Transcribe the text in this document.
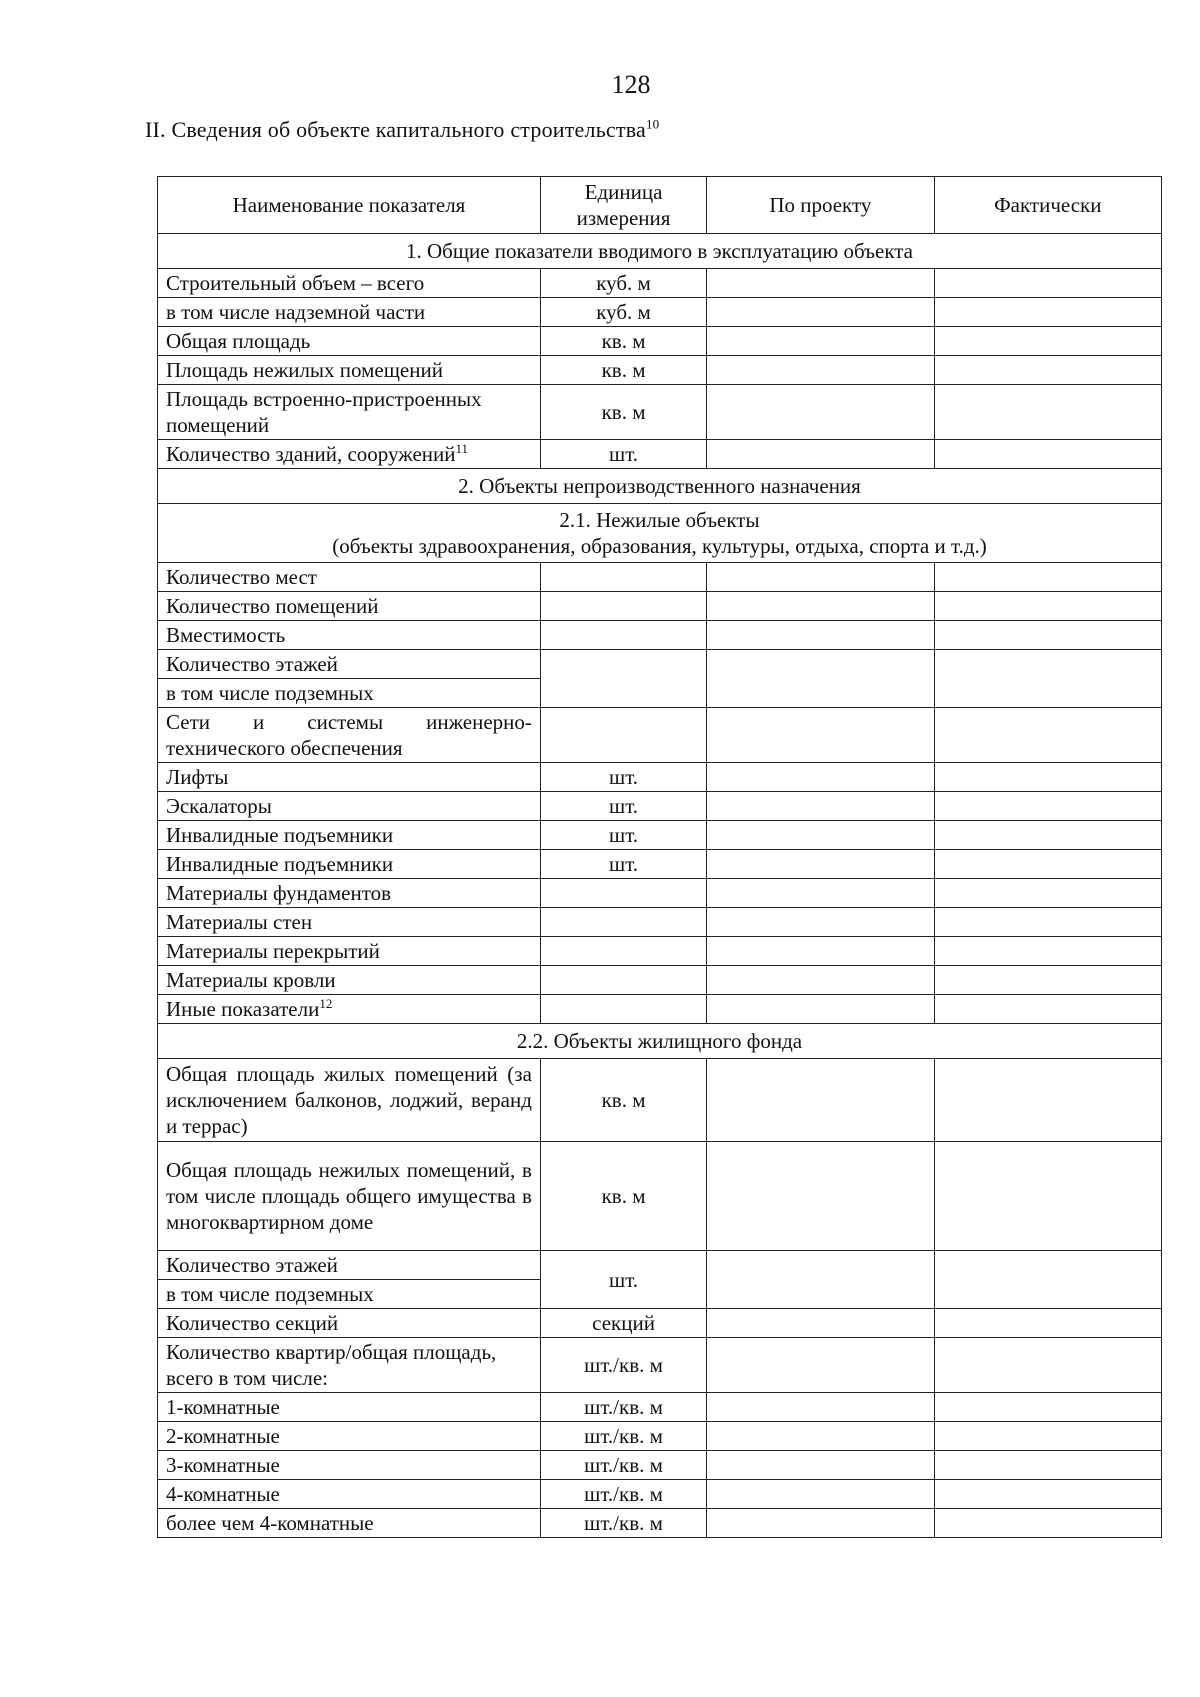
128
II. Сведения об объекте капитального строительства$^{10}$
Наименование показателя	Единица измерения	По проекту	Фактически
1. Общие показатели вводимого в эксплуатацию объекта			
Строительный объем – всего	куб. м		
в том числе надземной части	куб. м		
Общая площадь	кв. м		
Площадь нежилых помещений	кв. м		
Площадь встроенно-пристроенных помещений	кв. м		
Количество зданий, сооружений$^{11}$	шт.		
2. Объекты непроизводственного назначения			

2.1. Нежилые объекты
(объекты здравоохранения, образования, культуры, отдыха, спорта и т.д.)			

Количество мест			
Количество помещений			
Вместимость			
Количество этажей			
в том числе подземных			
Сети и системы инженерно-технического обеспечения			
Лифты	шт.		
Эскалаторы	шт.		
Инвалидные подъемники	шт.		
Инвалидные подъемники	шт.		
Материалы фундаментов			
Материалы стен			
Материалы перекрытий			
Материалы кровли			
Иные показатели$^{12}$			
2.2. Объекты жилищного фонда			
Общая площадь жилых помещений (за исключением балконов, лоджий, веранд и террас)	кв. м		
Общая площадь нежилых помещений, в том числе площадь общего имущества в многоквартирном доме	кв. м		
Количество этажей	шт.		
в том числе подземных			
Количество секций	секций		
Количество квартир/общая площадь, всего в том числе:	шт./кв. м		
1-комнатные	шт./кв. м		
2-комнатные	шт./кв. м		
3-комнатные	шт./кв. м		
4-комнатные	шт./кв. м		
более чем 4-комнатные	шт./кв. м		
